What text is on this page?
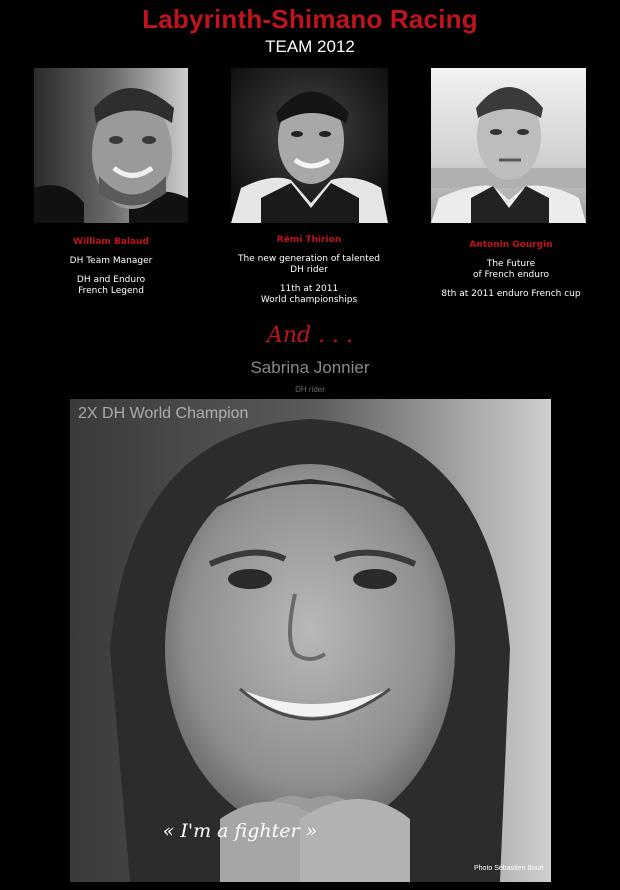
Labyrinth-Shimano Racing
TEAM 2012
William Balaud
DH Team Manager
DH and Enduro
French Legend
Rémi Thirion
The new generation of talented DH rider
11th at 2011
World championships
Antonin Gourgin
The Future
of French enduro
8th at 2011 enduro French cup
And . . .
Sabrina Jonnier
DH rider
2X DH World Champion
« I'm a fighter »
Photo Sébastien Boué
